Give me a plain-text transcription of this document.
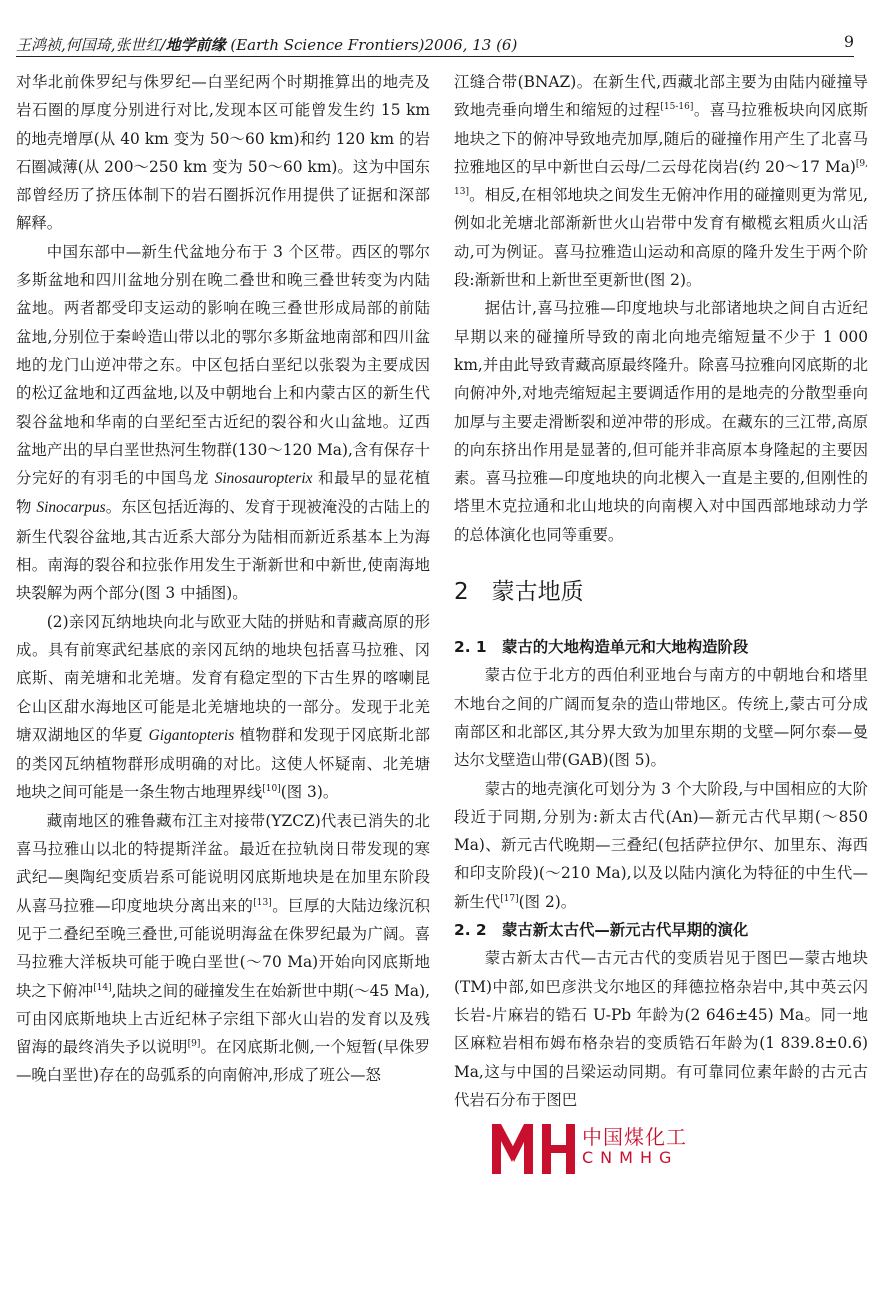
王鸿祯,何国琦,张世红/地学前缘 (Earth Science Frontiers)2006, 13 (6)	9

对华北前侏罗纪与侏罗纪—白垩纪两个时期推算出的地壳及岩石圈的厚度分别进行对比,发现本区可能曾发生约 15 km 的地壳增厚(从 40 km 变为 50～60 km)和约 120 km 的岩石圈减薄(从 200～250 km 变为 50～60 km)。这为中国东部曾经历了挤压体制下的岩石圈拆沉作用提供了证据和深部解释。

中国东部中—新生代盆地分布于 3 个区带。西区的鄂尔多斯盆地和四川盆地分别在晚二叠世和晚三叠世转变为内陆盆地。两者都受印支运动的影响在晚三叠世形成局部的前陆盆地,分别位于秦岭造山带以北的鄂尔多斯盆地南部和四川盆地的龙门山逆冲带之东。中区包括白垩纪以张裂为主要成因的松辽盆地和辽西盆地,以及中朝地台上和内蒙古区的新生代裂谷盆地和华南的白垩纪至古近纪的裂谷和火山盆地。辽西盆地产出的早白垩世热河生物群(130～120 Ma),含有保存十分完好的有羽毛的中国鸟龙 Sinosauropterix 和最早的显花植物 Sinocarpus。东区包括近海的、发育于现被淹没的古陆上的新生代裂谷盆地,其古近系大部分为陆相而新近系基本上为海相。南海的裂谷和拉张作用发生于渐新世和中新世,使南海地块裂解为两个部分(图 3 中插图)。

(2)亲冈瓦纳地块向北与欧亚大陆的拼贴和青藏高原的形成。具有前寒武纪基底的亲冈瓦纳的地块包括喜马拉雅、冈底斯、南羌塘和北羌塘。发育有稳定型的下古生界的喀喇昆仑山区甜水海地区可能是北羌塘地块的一部分。发现于北羌塘双湖地区的华夏 Gigantopteris 植物群和发现于冈底斯北部的类冈瓦纳植物群形成明确的对比。这使人怀疑南、北羌塘地块之间可能是一条生物古地理界线[10](图 3)。

藏南地区的雅鲁藏布江主对接带(YZCZ)代表已消失的北喜马拉雅山以北的特提斯洋盆。最近在拉轨岗日带发现的寒武纪—奥陶纪变质岩系可能说明冈底斯地块是在加里东阶段从喜马拉雅—印度地块分离出来的[13]。巨厚的大陆边缘沉积见于二叠纪至晚三叠世,可能说明海盆在侏罗纪最为广阔。喜马拉雅大洋板块可能于晚白垩世(～70 Ma)开始向冈底斯地块之下俯冲[14],陆块之间的碰撞发生在始新世中期(～45 Ma),可由冈底斯地块上古近纪林子宗组下部火山岩的发育以及残留海的最终消失予以说明[9]。在冈底斯北侧,一个短暂(早侏罗—晚白垩世)存在的岛弧系的向南俯冲,形成了班公—怒

江缝合带(BNAZ)。在新生代,西藏北部主要为由陆内碰撞导致地壳垂向增生和缩短的过程[15-16]。喜马拉雅板块向冈底斯地块之下的俯冲导致地壳加厚,随后的碰撞作用产生了北喜马拉雅地区的早中新世白云母/二云母花岗岩(约 20～17 Ma)[9, 13]。相反,在相邻地块之间发生无俯冲作用的碰撞则更为常见,例如北羌塘北部渐新世火山岩带中发育有橄榄玄粗质火山活动,可为例证。喜马拉雅造山运动和高原的隆升发生于两个阶段:渐新世和上新世至更新世(图 2)。

据估计,喜马拉雅—印度地块与北部诸地块之间自古近纪早期以来的碰撞所导致的南北向地壳缩短量不少于 1 000 km,并由此导致青藏高原最终隆升。除喜马拉雅向冈底斯的北向俯冲外,对地壳缩短起主要调适作用的是地壳的分散型垂向加厚与主要走滑断裂和逆冲带的形成。在藏东的三江带,高原的向东挤出作用是显著的,但可能并非高原本身隆起的主要因素。喜马拉雅—印度地块的向北楔入一直是主要的,但刚性的塔里木克拉通和北山地块的向南楔入对中国西部地球动力学的总体演化也同等重要。

2　蒙古地质
2. 1　蒙古的大地构造单元和大地构造阶段

蒙古位于北方的西伯利亚地台与南方的中朝地台和塔里木地台之间的广阔而复杂的造山带地区。传统上,蒙古可分成南部区和北部区,其分界大致为加里东期的戈壁—阿尔泰—曼达尔戈壁造山带(GAB)(图 5)。

蒙古的地壳演化可划分为 3 个大阶段,与中国相应的大阶段近于同期,分别为:新太古代(An)—新元古代早期(～850 Ma)、新元古代晚期—三叠纪(包括萨拉伊尔、加里东、海西和印支阶段)(～210 Ma),以及以陆内演化为特征的中生代—新生代[17](图 2)。

2. 2　蒙古新太古代—新元古代早期的演化

蒙古新太古代—古元古代的变质岩见于图巴—蒙古地块(TM)中部,如巴彦洪戈尔地区的拜德拉格杂岩中,其中英云闪长岩-片麻岩的锆石 U-Pb 年龄为(2 646±45) Ma。同一地区麻粒岩相布姆布格杂岩的变质锆石年龄为(1 839.8±0.6) Ma,这与中国的吕梁运动同期。有可靠同位素年龄的古元古代岩石分布于图巴

中国煤化工
CNMHG
